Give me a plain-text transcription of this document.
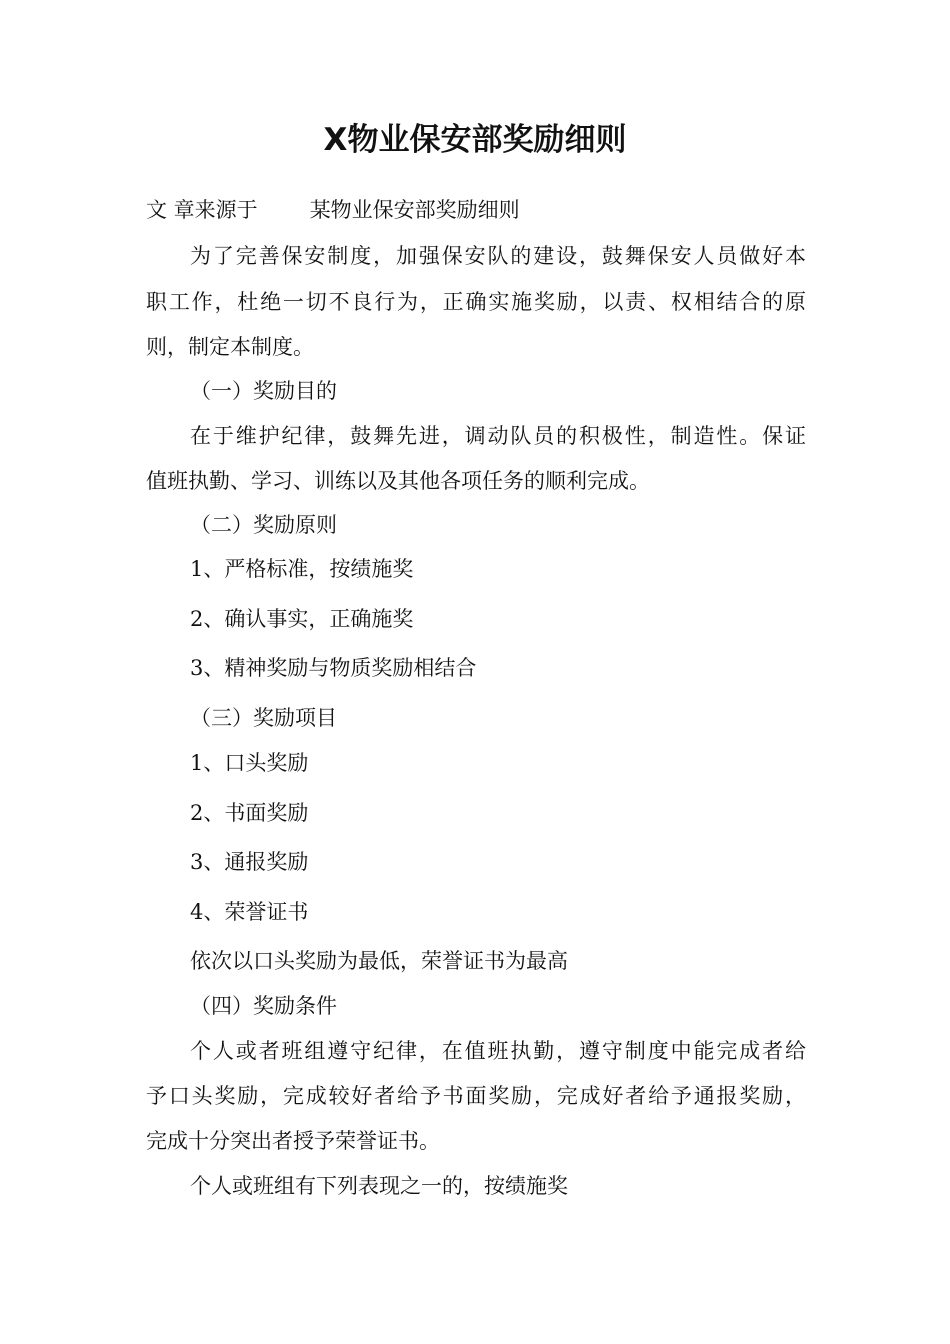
X物业保安部奖励细则
文 章来源于 某物业保安部奖励细则

为了完善保安制度，加强保安队的建设，鼓舞保安人员做好本

职工作，杜绝一切不良行为，正确实施奖励，以责、权相结合的原

则，制定本制度。

（一）奖励目的

在于维护纪律，鼓舞先进，调动队员的积极性，制造性。保证

值班执勤、学习、训练以及其他各项任务的顺利完成。

（二）奖励原则

1、严格标准，按绩施奖

2、确认事实，正确施奖

3、精神奖励与物质奖励相结合

（三）奖励项目

1、口头奖励

2、书面奖励

3、通报奖励

4、荣誉证书

依次以口头奖励为最低，荣誉证书为最高

（四）奖励条件

个人或者班组遵守纪律，在值班执勤，遵守制度中能完成者给

予口头奖励，完成较好者给予书面奖励，完成好者给予通报奖励，

完成十分突出者授予荣誉证书。

个人或班组有下列表现之一的，按绩施奖
